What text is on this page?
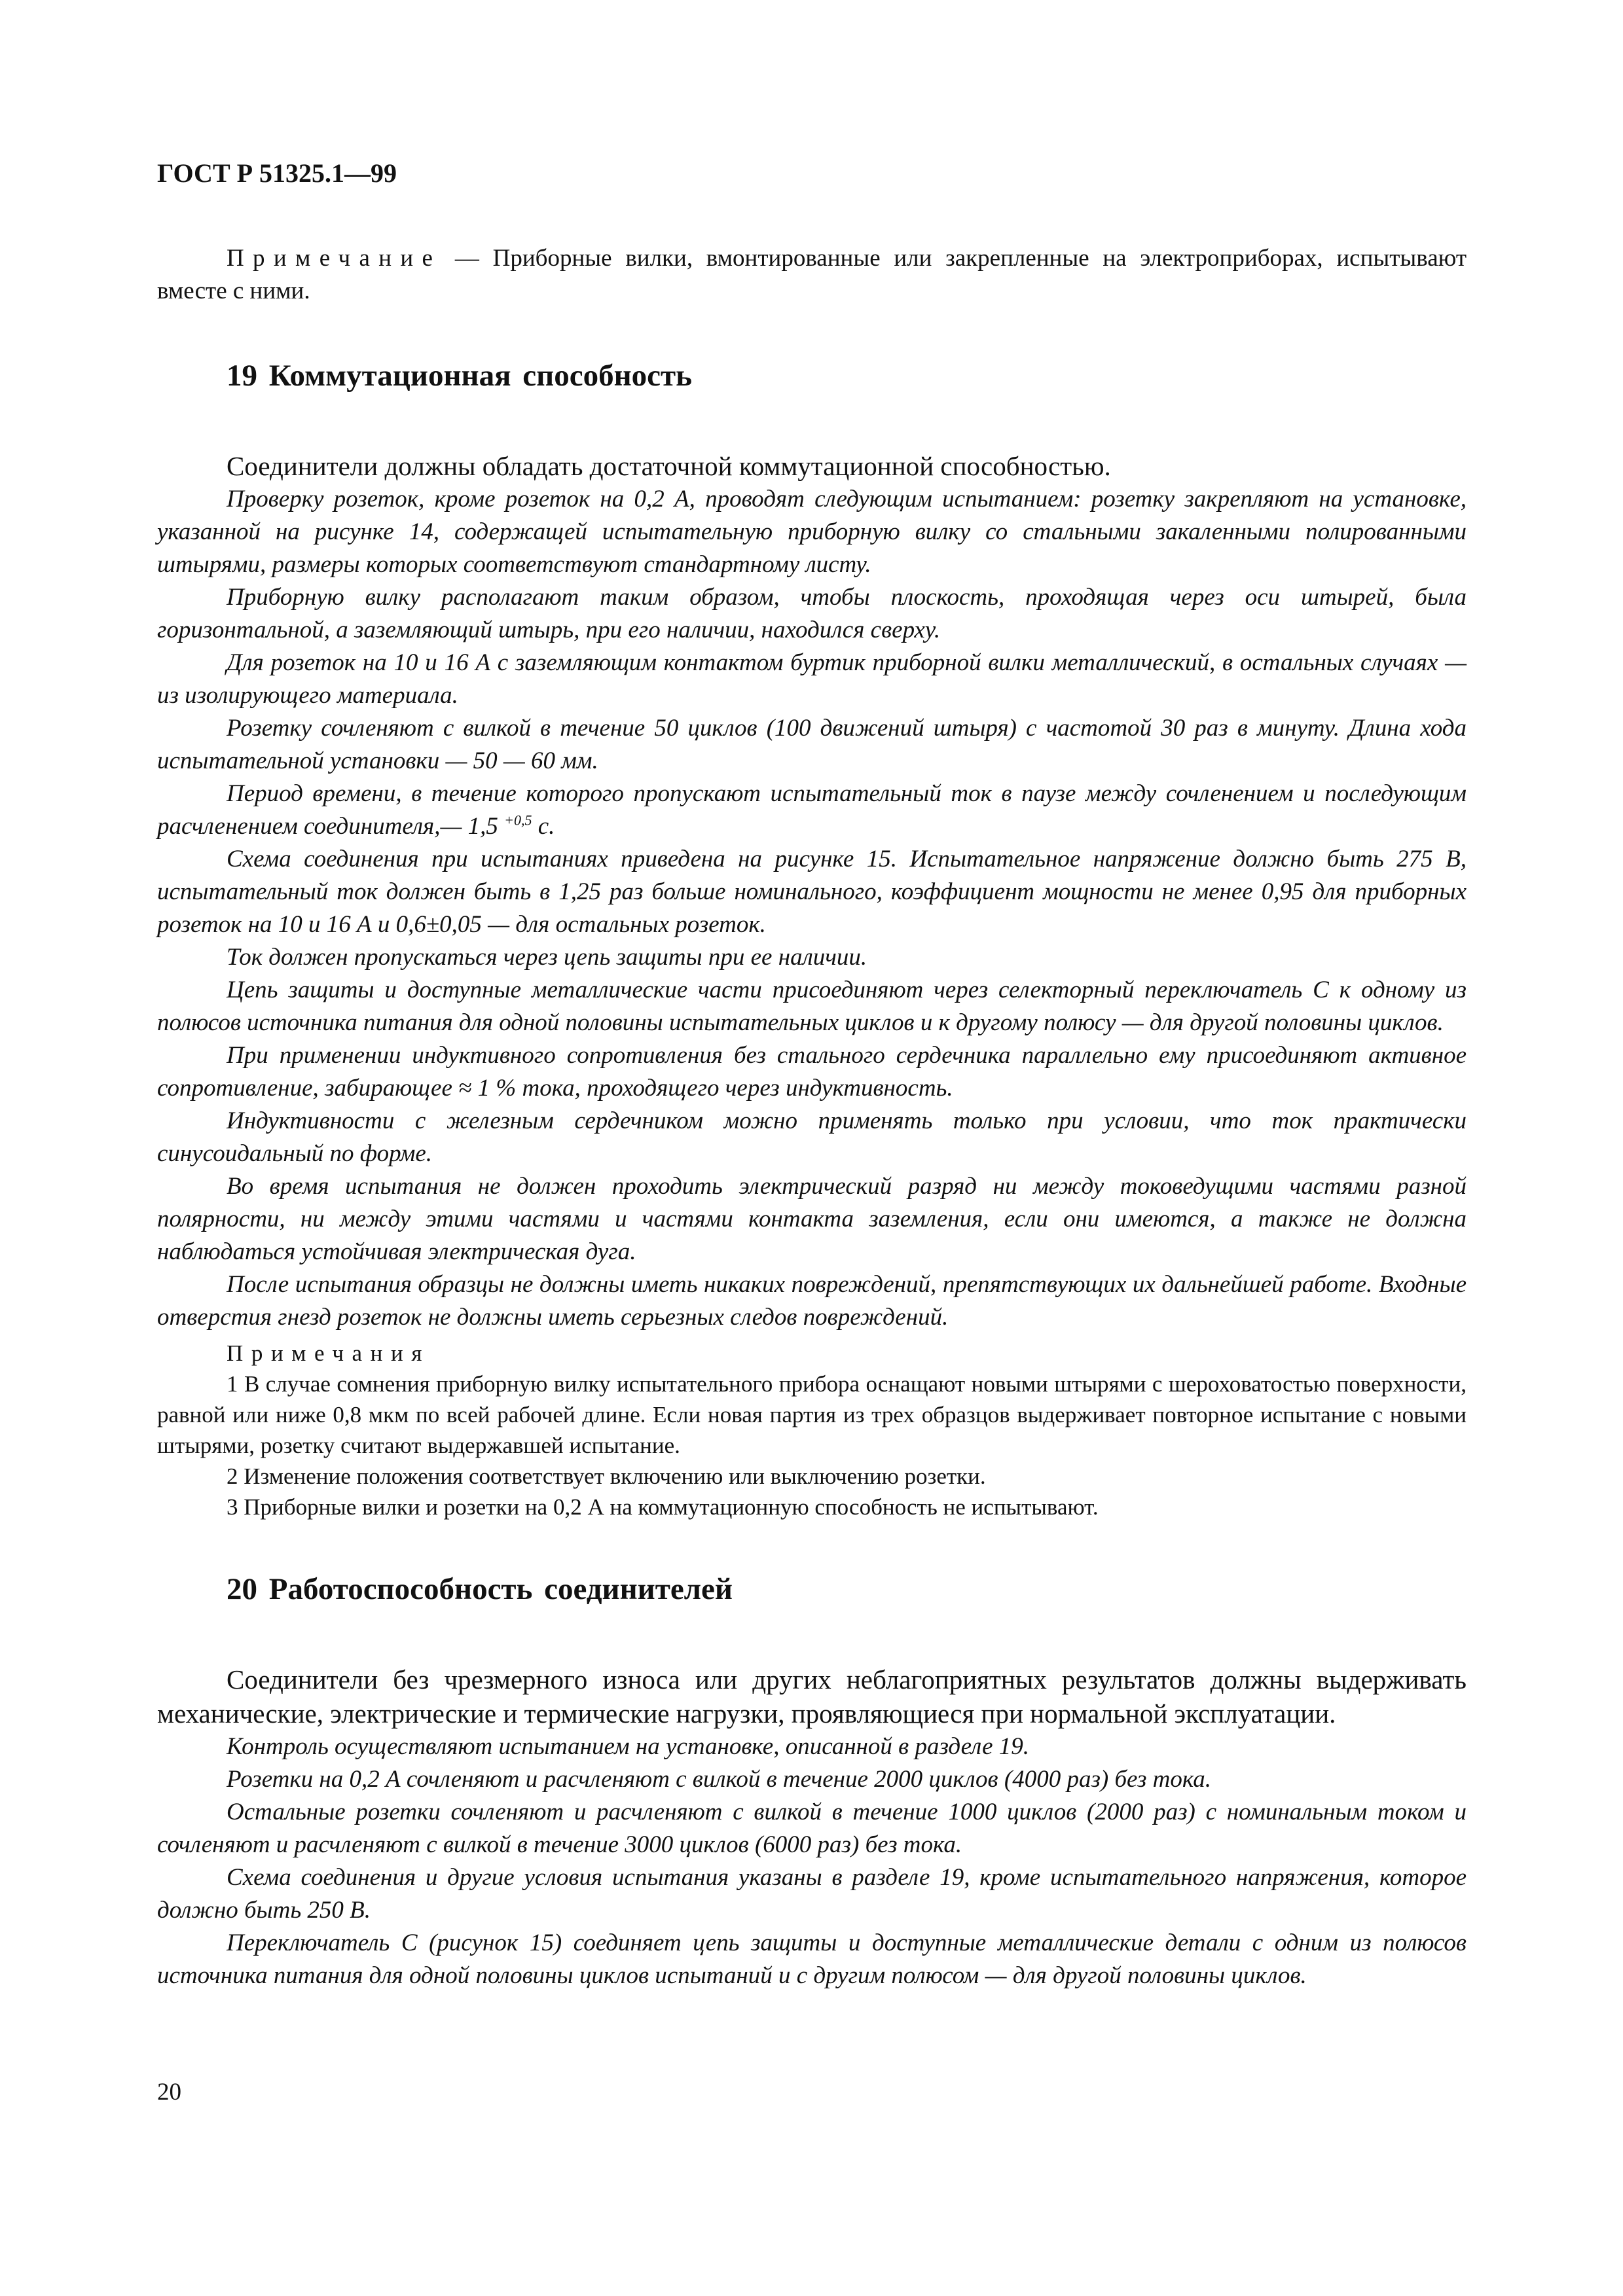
ГОСТ Р 51325.1—99

Примечание — Приборные вилки, вмонтированные или закрепленные на электроприборах, испытывают вместе с ними.

19 Коммутационная способность

Соединители должны обладать достаточной коммутационной способностью.

Проверку розеток, кроме розеток на 0,2 А, проводят следующим испытанием: розетку закрепляют на установке, указанной на рисунке 14, содержащей испытательную приборную вилку со стальными закаленными полированными штырями, размеры которых соответствуют стандартному листу.

Приборную вилку располагают таким образом, чтобы плоскость, проходящая через оси штырей, была горизонтальной, а заземляющий штырь, при его наличии, находился сверху.

Для розеток на 10 и 16 А с заземляющим контактом буртик приборной вилки металлический, в остальных случаях — из изолирующего материала.

Розетку сочленяют с вилкой в течение 50 циклов (100 движений штыря) с частотой 30 раз в минуту. Длина хода испытательной установки — 50 — 60 мм.

Период времени, в течение которого пропускают испытательный ток в паузе между сочленением и последующим расчленением соединителя,— 1,5 $^{+0,5}$ с.

Схема соединения при испытаниях приведена на рисунке 15. Испытательное напряжение должно быть 275 В, испытательный ток должен быть в 1,25 раз больше номинального, коэффициент мощности не менее 0,95 для приборных розеток на 10 и 16 А и 0,6±0,05 — для остальных розеток.

Ток должен пропускаться через цепь защиты при ее наличии.

Цепь защиты и доступные металлические части присоединяют через селекторный переключатель С к одному из полюсов источника питания для одной половины испытательных циклов и к другому полюсу — для другой половины циклов.

При применении индуктивного сопротивления без стального сердечника параллельно ему присоединяют активное сопротивление, забирающее ≈ 1 % тока, проходящего через индуктивность.

Индуктивности с железным сердечником можно применять только при условии, что ток практически синусоидальный по форме.

Во время испытания не должен проходить электрический разряд ни между токоведущими частями разной полярности, ни между этими частями и частями контакта заземления, если они имеются, а также не должна наблюдаться устойчивая электрическая дуга.

После испытания образцы не должны иметь никаких повреждений, препятствующих их дальнейшей работе. Входные отверстия гнезд розеток не должны иметь серьезных следов повреждений.

Примечания

1 В случае сомнения приборную вилку испытательного прибора оснащают новыми штырями с шероховатостью поверхности, равной или ниже 0,8 мкм по всей рабочей длине. Если новая партия из трех образцов выдерживает повторное испытание с новыми штырями, розетку считают выдержавшей испытание.

2 Изменение положения соответствует включению или выключению розетки.

3 Приборные вилки и розетки на 0,2 А на коммутационную способность не испытывают.

20 Работоспособность соединителей

Соединители без чрезмерного износа или других неблагоприятных результатов должны выдерживать механические, электрические и термические нагрузки, проявляющиеся при нормальной эксплуатации.

Контроль осуществляют испытанием на установке, описанной в разделе 19.

Розетки на 0,2 А сочленяют и расчленяют с вилкой в течение 2000 циклов (4000 раз) без тока.

Остальные розетки сочленяют и расчленяют с вилкой в течение 1000 циклов (2000 раз) с номинальным током и сочленяют и расчленяют с вилкой в течение 3000 циклов (6000 раз) без тока.

Схема соединения и другие условия испытания указаны в разделе 19, кроме испытательного напряжения, которое должно быть 250 В.

Переключатель С (рисунок 15) соединяет цепь защиты и доступные металлические детали с одним из полюсов источника питания для одной половины циклов испытаний и с другим полюсом — для другой половины циклов.

20
